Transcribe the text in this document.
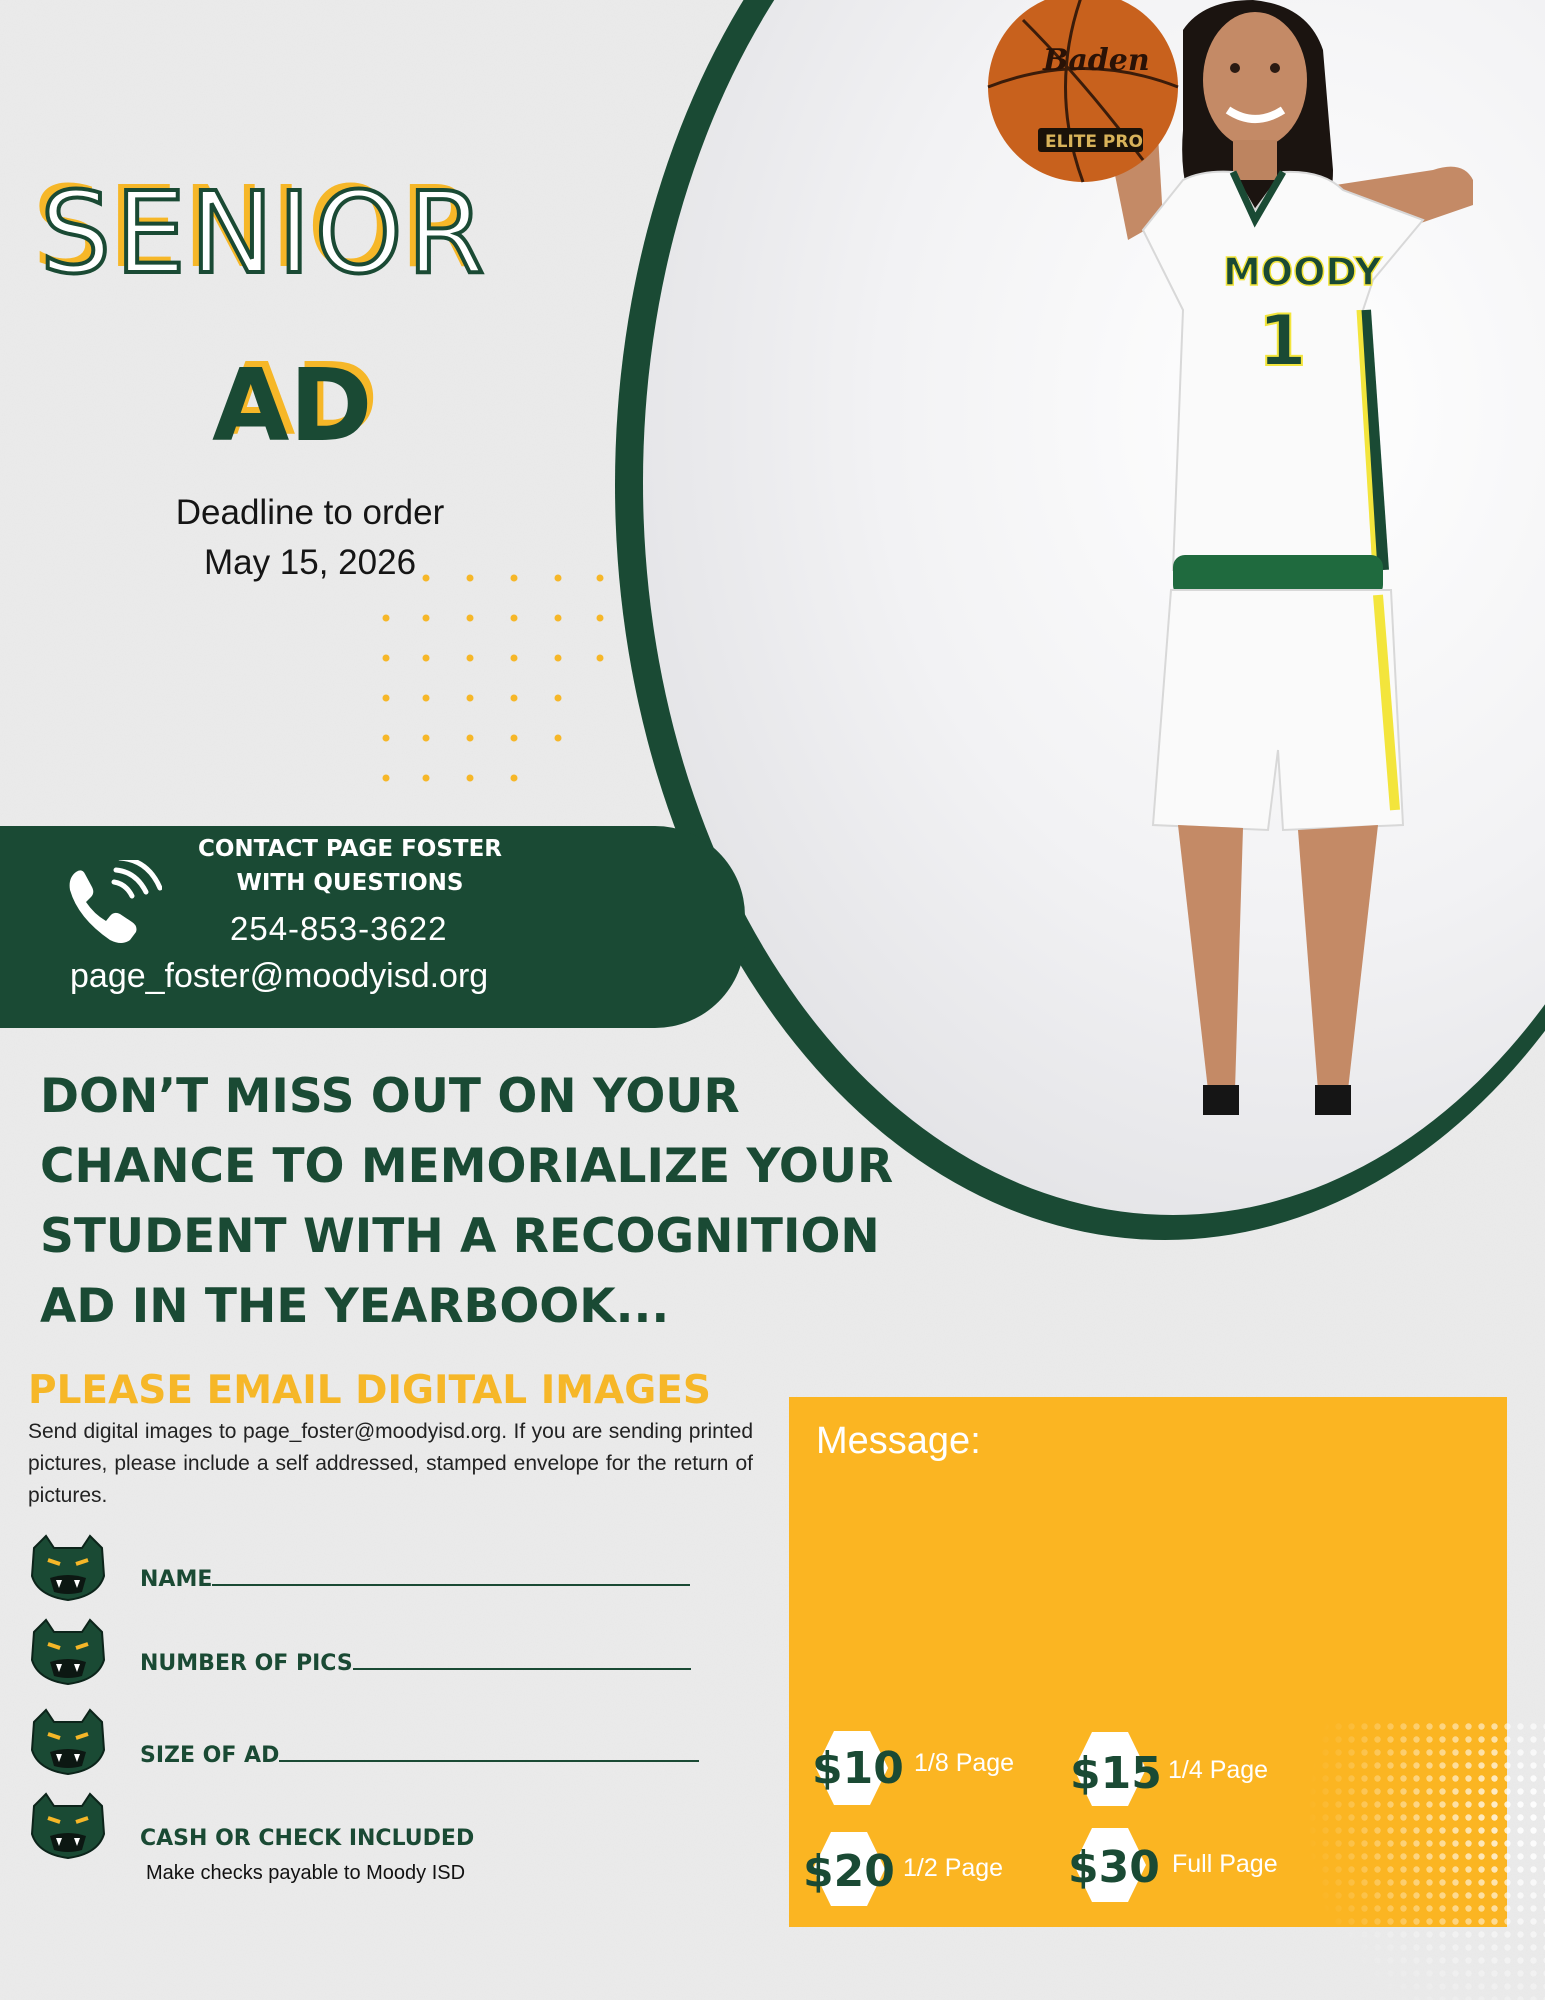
Baden
ELITE PRO
MOODY
1
SENIOR
AD
Deadline to order
May 15, 2026
CONTACT PAGE FOSTER
WITH QUESTIONS
254-853-3622
page_foster@moodyisd.org
DON’T MISS OUT ON YOUR
CHANCE TO MEMORIALIZE YOUR
STUDENT WITH A RECOGNITION
AD IN THE YEARBOOK...
PLEASE EMAIL DIGITAL IMAGES
Send digital images to page_foster@moodyisd.org. If you are sending printed pictures, please include a self addressed, stamped envelope for the return of pictures.
NAME
NUMBER OF PICS
SIZE OF AD
CASH OR CHECK INCLUDED
Make checks payable to Moody ISD
Message:
$10 1/8 Page $15 1/4 Page
$20 1/2 Page $30 Full Page
